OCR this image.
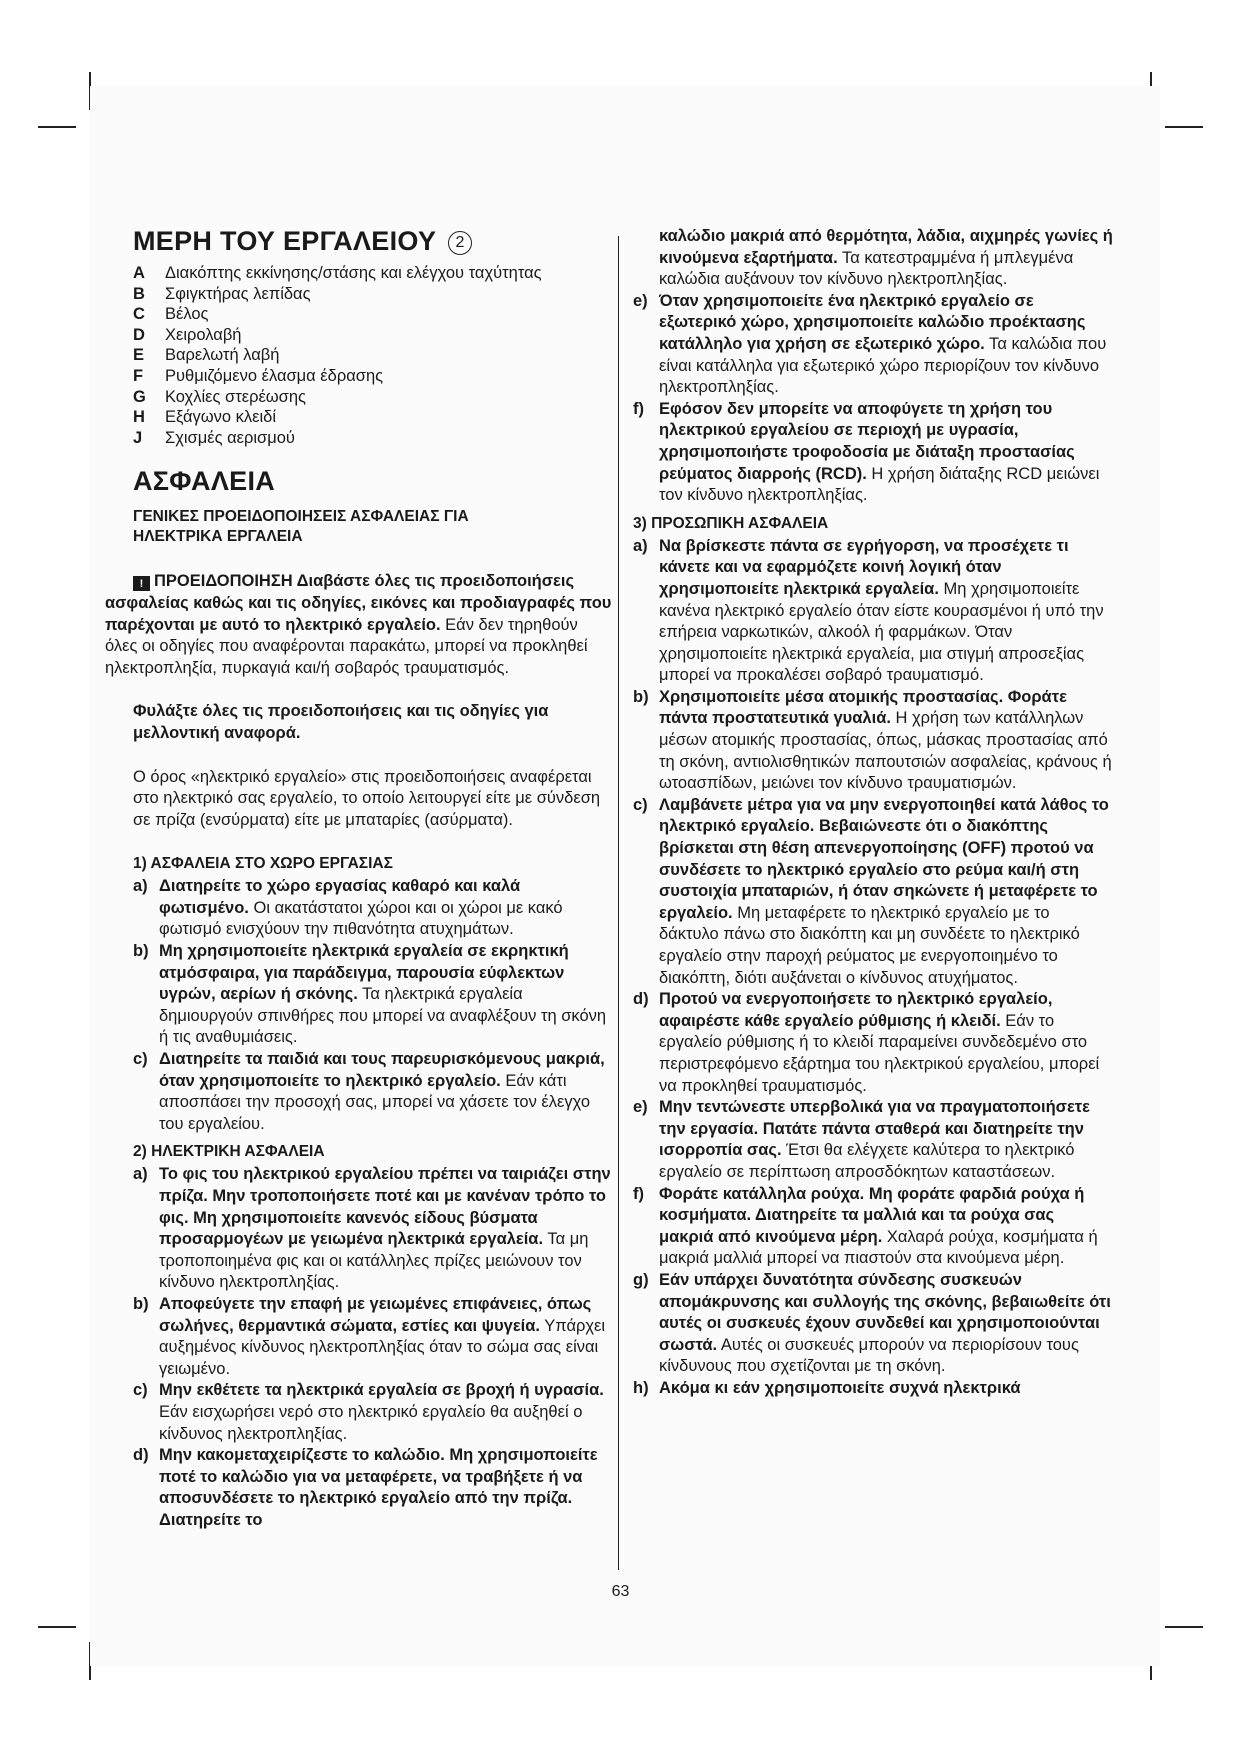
ΜΕΡΗ ΤΟΥ ΕΡΓΑΛΕΙΟΥ 2
A	Διακόπτης εκκίνησης/στάσης και ελέγχου ταχύτητας
B	Σφιγκτήρας λεπίδας
C	Βέλος
D	Χειρολαβή
E	Βαρελωτή λαβή
F	Ρυθμιζόμενο έλασμα έδρασης
G	Κοχλίες στερέωσης
H	Εξάγωνο κλειδί
J	Σχισμές αερισμού
ΑΣΦΑΛΕΙΑ
ΓΕΝΙΚΕΣ ΠΡΟΕΙΔΟΠΟΙΗΣΕΙΣ ΑΣΦΑΛΕΙΑΣ ΓΙΑ
ΗΛΕΚΤΡΙΚΑ ΕΡΓΑΛΕΙΑ
! ΠΡΟΕΙΔΟΠΟΙΗΣΗ Διαβάστε όλες τις προειδοποιήσεις ασφαλείας καθώς και τις οδηγίες, εικόνες και προδιαγραφές που παρέχονται με αυτό το ηλεκτρικό εργαλείο. Εάν δεν τηρηθούν όλες οι οδηγίες που αναφέρονται παρακάτω, μπορεί να προκληθεί ηλεκτροπληξία, πυρκαγιά και/ή σοβαρός τραυματισμός.
Φυλάξτε όλες τις προειδοποιήσεις και τις οδηγίες για μελλοντική αναφορά.
Ο όρος «ηλεκτρικό εργαλείο» στις προειδοποιήσεις αναφέρεται στο ηλεκτρικό σας εργαλείο, το οποίο λειτουργεί είτε με σύνδεση σε πρίζα (ενσύρματα) είτε με μπαταρίες (ασύρματα).
1) ΑΣΦΑΛΕΙΑ ΣΤΟ ΧΩΡΟ ΕΡΓΑΣΙΑΣ
a) Διατηρείτε το χώρο εργασίας καθαρό και καλά φωτισμένο. Οι ακατάστατοι χώροι και οι χώροι με κακό φωτισμό ενισχύουν την πιθανότητα ατυχημάτων.
b) Μη χρησιμοποιείτε ηλεκτρικά εργαλεία σε εκρηκτική ατμόσφαιρα, για παράδειγμα, παρουσία εύφλεκτων υγρών, αερίων ή σκόνης. Τα ηλεκτρικά εργαλεία δημιουργούν σπινθήρες που μπορεί να αναφλέξουν τη σκόνη ή τις αναθυμιάσεις.
c) Διατηρείτε τα παιδιά και τους παρευρισκόμενους μακριά, όταν χρησιμοποιείτε το ηλεκτρικό εργαλείο. Εάν κάτι αποσπάσει την προσοχή σας, μπορεί να χάσετε τον έλεγχο του εργαλείου.
2) ΗΛΕΚΤΡΙΚΗ ΑΣΦΑΛΕΙΑ
a) Το φις του ηλεκτρικού εργαλείου πρέπει να ταιριάζει στην πρίζα. Μην τροποποιήσετε ποτέ και με κανέναν τρόπο το φις. Μη χρησιμοποιείτε κανενός είδους βύσματα προσαρμογέων με γειωμένα ηλεκτρικά εργαλεία. Τα μη τροποποιημένα φις και οι κατάλληλες πρίζες μειώνουν τον κίνδυνο ηλεκτροπληξίας.
b) Αποφεύγετε την επαφή με γειωμένες επιφάνειες, όπως σωλήνες, θερμαντικά σώματα, εστίες και ψυγεία. Υπάρχει αυξημένος κίνδυνος ηλεκτροπληξίας όταν το σώμα σας είναι γειωμένο.
c) Μην εκθέτετε τα ηλεκτρικά εργαλεία σε βροχή ή υγρασία. Εάν εισχωρήσει νερό στο ηλεκτρικό εργαλείο θα αυξηθεί ο κίνδυνος ηλεκτροπληξίας.
d) Μην κακομεταχειρίζεστε το καλώδιο. Μη χρησιμοποιείτε ποτέ το καλώδιο για να μεταφέρετε, να τραβήξετε ή να αποσυνδέσετε το ηλεκτρικό εργαλείο από την πρίζα. Διατηρείτε το
καλώδιο μακριά από θερμότητα, λάδια, αιχμηρές γωνίες ή κινούμενα εξαρτήματα. Τα κατεστραμμένα ή μπλεγμένα καλώδια αυξάνουν τον κίνδυνο ηλεκτροπληξίας.
e) Όταν χρησιμοποιείτε ένα ηλεκτρικό εργαλείο σε εξωτερικό χώρο, χρησιμοποιείτε καλώδιο προέκτασης κατάλληλο για χρήση σε εξωτερικό χώρο. Τα καλώδια που είναι κατάλληλα για εξωτερικό χώρο περιορίζουν τον κίνδυνο ηλεκτροπληξίας.
f) Εφόσον δεν μπορείτε να αποφύγετε τη χρήση του ηλεκτρικού εργαλείου σε περιοχή με υγρασία, χρησιμοποιήστε τροφοδοσία με διάταξη προστασίας ρεύματος διαρροής (RCD). Η χρήση διάταξης RCD μειώνει τον κίνδυνο ηλεκτροπληξίας.
3) ΠΡΟΣΩΠΙΚΗ ΑΣΦΑΛΕΙΑ
a) Να βρίσκεστε πάντα σε εγρήγορση, να προσέχετε τι κάνετε και να εφαρμόζετε κοινή λογική όταν χρησιμοποιείτε ηλεκτρικά εργαλεία. Μη χρησιμοποιείτε κανένα ηλεκτρικό εργαλείο όταν είστε κουρασμένοι ή υπό την επήρεια ναρκωτικών, αλκοόλ ή φαρμάκων. Όταν χρησιμοποιείτε ηλεκτρικά εργαλεία, μια στιγμή απροσεξίας μπορεί να προκαλέσει σοβαρό τραυματισμό.
b) Χρησιμοποιείτε μέσα ατομικής προστασίας. Φοράτε πάντα προστατευτικά γυαλιά. Η χρήση των κατάλληλων μέσων ατομικής προστασίας, όπως, μάσκας προστασίας από τη σκόνη, αντιολισθητικών παπουτσιών ασφαλείας, κράνους ή ωτοασπίδων, μειώνει τον κίνδυνο τραυματισμών.
c) Λαμβάνετε μέτρα για να μην ενεργοποιηθεί κατά λάθος το ηλεκτρικό εργαλείο. Βεβαιώνεστε ότι ο διακόπτης βρίσκεται στη θέση απενεργοποίησης (OFF) προτού να συνδέσετε το ηλεκτρικό εργαλείο στο ρεύμα και/ή στη συστοιχία μπαταριών, ή όταν σηκώνετε ή μεταφέρετε το εργαλείο. Μη μεταφέρετε το ηλεκτρικό εργαλείο με το δάκτυλο πάνω στο διακόπτη και μη συνδέετε το ηλεκτρικό εργαλείο στην παροχή ρεύματος με ενεργοποιημένο το διακόπτη, διότι αυξάνεται ο κίνδυνος ατυχήματος.
d) Προτού να ενεργοποιήσετε το ηλεκτρικό εργαλείο, αφαιρέστε κάθε εργαλείο ρύθμισης ή κλειδί. Εάν το εργαλείο ρύθμισης ή το κλειδί παραμείνει συνδεδεμένο στο περιστρεφόμενο εξάρτημα του ηλεκτρικού εργαλείου, μπορεί να προκληθεί τραυματισμός.
e) Μην τεντώνεστε υπερβολικά για να πραγματοποιήσετε την εργασία. Πατάτε πάντα σταθερά και διατηρείτε την ισορροπία σας. Έτσι θα ελέγχετε καλύτερα το ηλεκτρικό εργαλείο σε περίπτωση απροσδόκητων καταστάσεων.
f) Φοράτε κατάλληλα ρούχα. Μη φοράτε φαρδιά ρούχα ή κοσμήματα. Διατηρείτε τα μαλλιά και τα ρούχα σας μακριά από κινούμενα μέρη. Χαλαρά ρούχα, κοσμήματα ή μακριά μαλλιά μπορεί να πιαστούν στα κινούμενα μέρη.
g) Εάν υπάρχει δυνατότητα σύνδεσης συσκευών απομάκρυνσης και συλλογής της σκόνης, βεβαιωθείτε ότι αυτές οι συσκευές έχουν συνδεθεί και χρησιμοποιούνται σωστά. Αυτές οι συσκευές μπορούν να περιορίσουν τους κίνδυνους που σχετίζονται με τη σκόνη.
h) Ακόμα κι εάν χρησιμοποιείτε συχνά ηλεκτρικά
63
